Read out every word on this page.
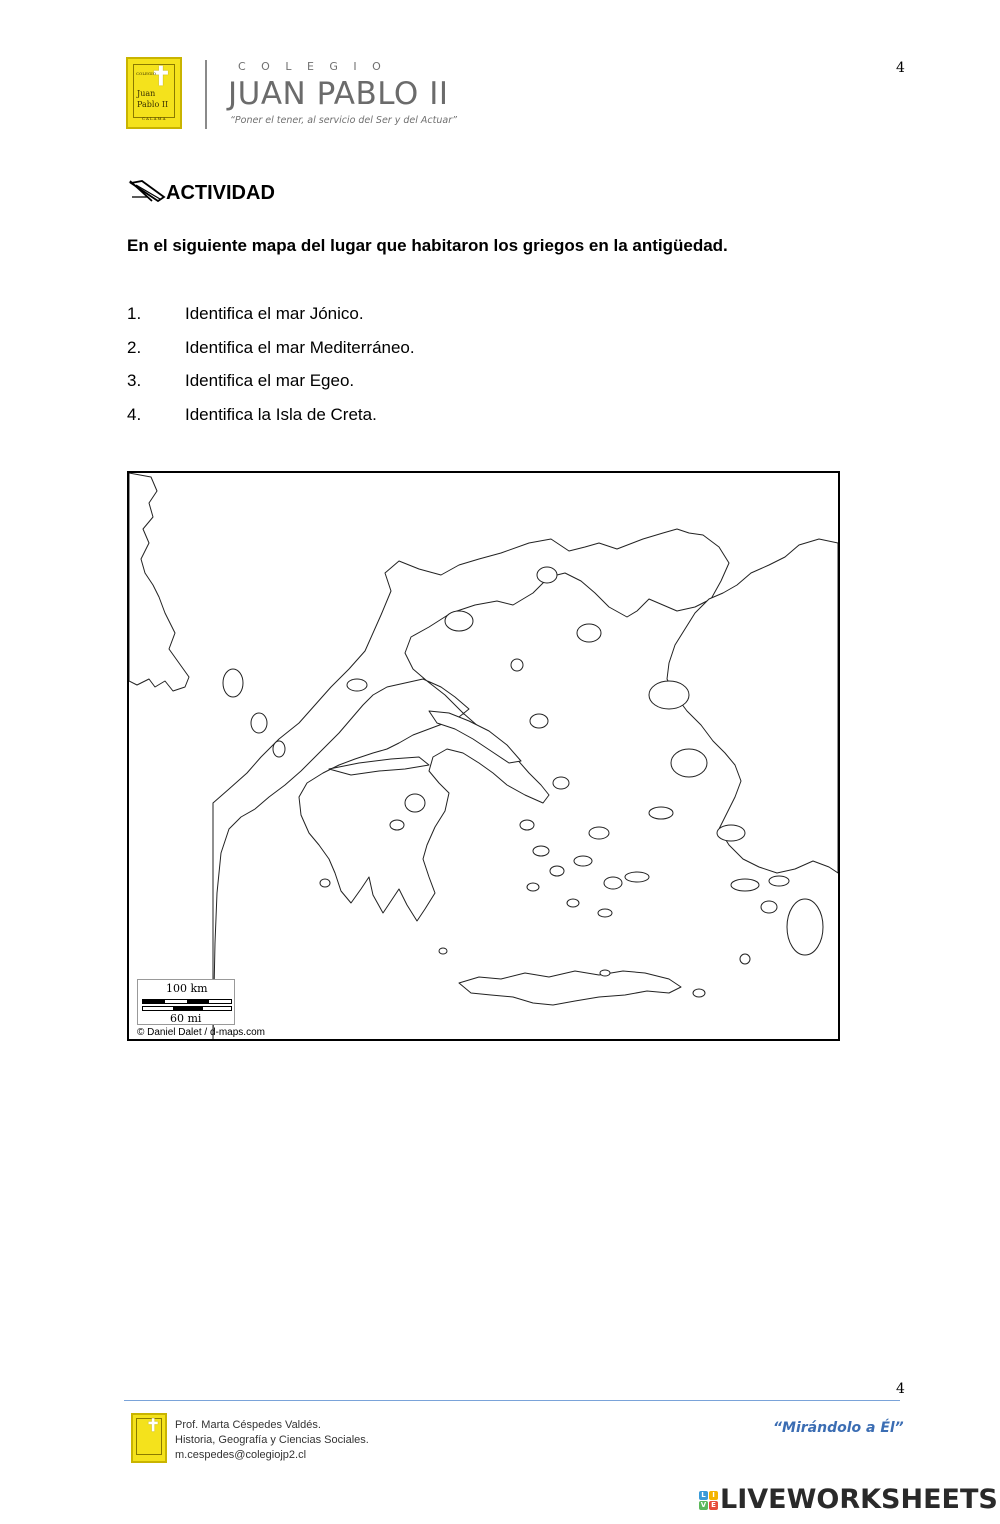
✝
COLEGIO
Juan
Pablo II
CALAMA
C O L E G I O
JUAN PABLO II
“Poner el tener, al servicio del Ser y del Actuar”
4
ACTIVIDAD
En el siguiente mapa del lugar que habitaron los griegos en la antigüedad.
1.	Identifica el mar Jónico.
2.	Identifica el mar Mediterráneo.
3.	Identifica el mar Egeo.
4.	Identifica la Isla de Creta.
100 km
60 mi
© Daniel Dalet / d-maps.com
4
✝ Prof. Marta Céspedes Valdés.
Historia, Geografía y Ciencias Sociales.
m.cespedes@colegiojp2.cl
“Mirándolo a Él”
L I
V E LIVEWORKSHEETS
